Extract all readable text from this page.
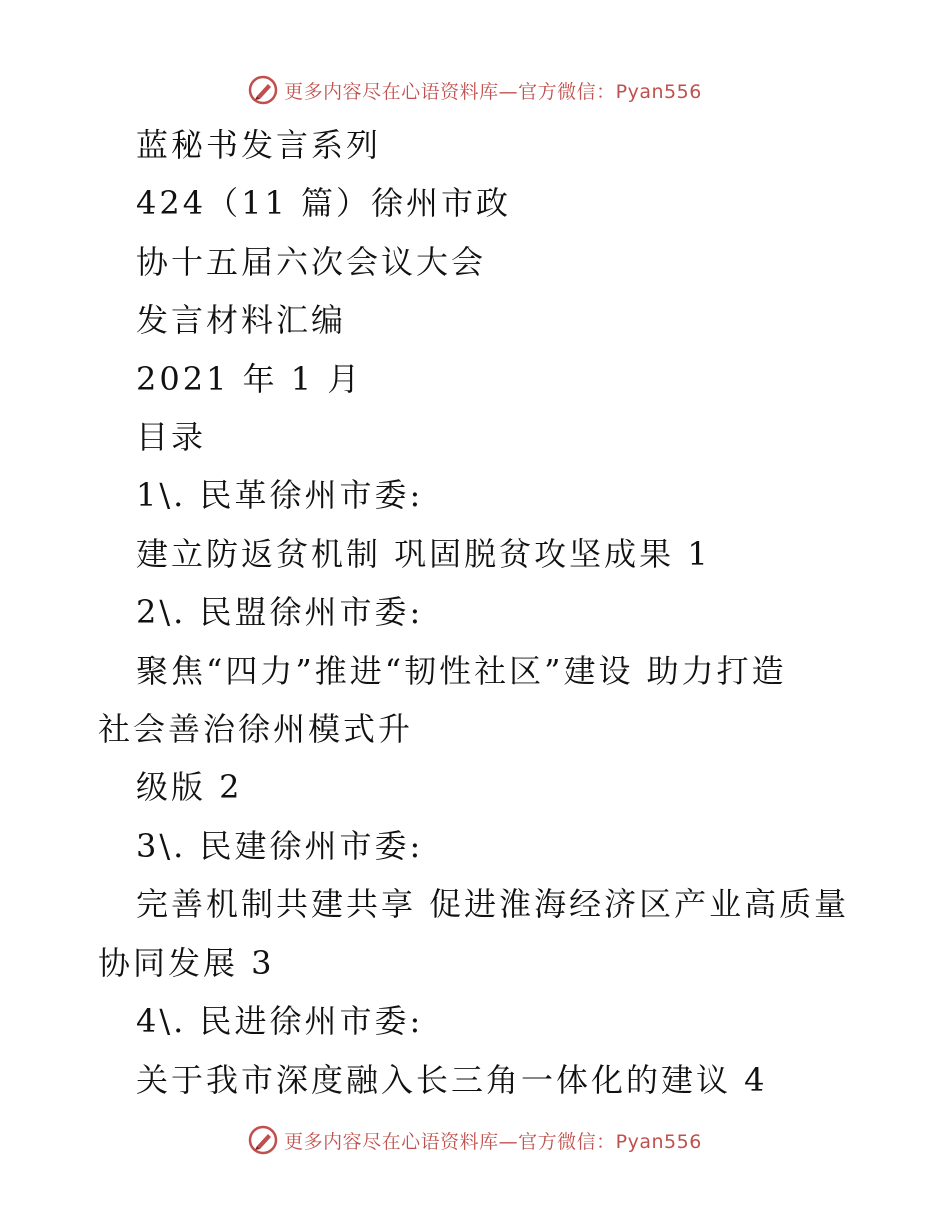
更多内容尽在心语资料库—官方微信：Pyan556

蓝秘书发言系列

424（11 篇）徐州市政

协十五届六次会议大会

发言材料汇编

2021 年 1 月

目录

1\. 民革徐州市委:

建立防返贫机制 巩固脱贫攻坚成果 1

2\. 民盟徐州市委:

聚焦“四力”推进“韧性社区”建设 助力打造

社会善治徐州模式升

级版 2

3\. 民建徐州市委:

完善机制共建共享 促进淮海经济区产业高质量

协同发展 3

4\. 民进徐州市委:

关于我市深度融入长三角一体化的建议 4

更多内容尽在心语资料库—官方微信：Pyan556
